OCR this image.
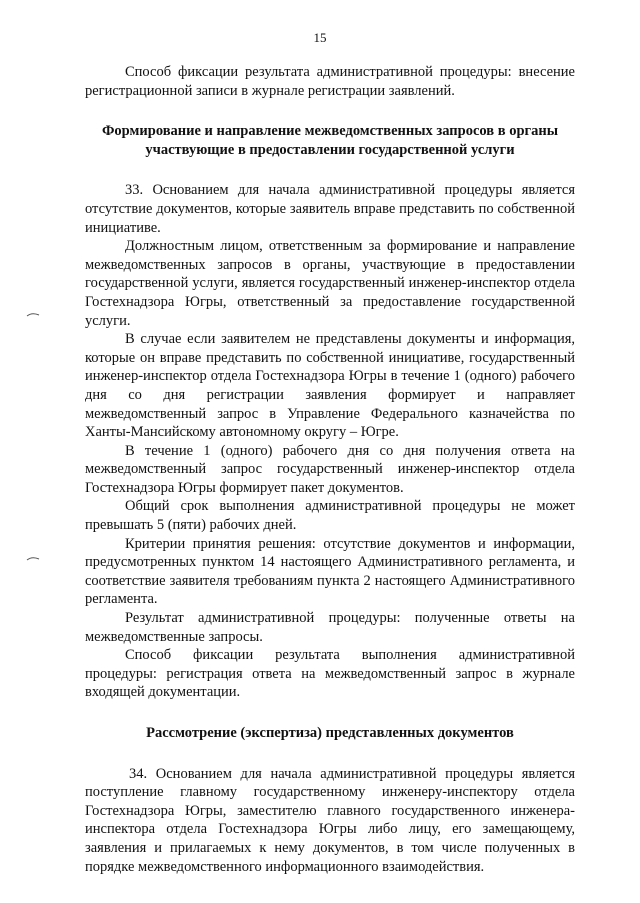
15

Способ фиксации результата административной процедуры: внесение регистрационной записи в журнале регистрации заявлений.

Формирование и направление межведомственных запросов в органы участвующие в предоставлении государственной услуги

33. Основанием для начала административной процедуры является отсутствие документов, которые заявитель вправе представить по собственной инициативе.

Должностным лицом, ответственным за формирование и направление межведомственных запросов в органы, участвующие в предоставлении государственной услуги, является государственный инженер-инспектор отдела Гостехнадзора Югры, ответственный за предоставление государственной услуги.

В случае если заявителем не представлены документы и информация, которые он вправе представить по собственной инициативе, государственный инженер-инспектор отдела Гостехнадзора Югры в течение 1 (одного) рабочего дня со дня регистрации заявления формирует и направляет межведомственный запрос в Управление Федерального казначейства по Ханты-Мансийскому автономному округу – Югре.

В течение 1 (одного) рабочего дня со дня получения ответа на межведомственный запрос государственный инженер-инспектор отдела Гостехнадзора Югры формирует пакет документов.

Общий срок выполнения административной процедуры не может превышать 5 (пяти) рабочих дней.

Критерии принятия решения: отсутствие документов и информации, предусмотренных пунктом 14 настоящего Административного регламента, и соответствие заявителя требованиям пункта 2 настоящего Административного регламента.

Результат административной процедуры: полученные ответы на межведомственные запросы.

Способ фиксации результата выполнения административной процедуры: регистрация ответа на межведомственный запрос в журнале входящей документации.

Рассмотрение (экспертиза) представленных документов

34. Основанием для начала административной процедуры является поступление главному государственному инженеру-инспектору отдела Гостехнадзора Югры, заместителю главного государственного инженера-инспектора отдела Гостехнадзора Югры либо лицу, его замещающему, заявления и прилагаемых к нему документов, в том числе полученных в порядке межведомственного информационного взаимодействия.
